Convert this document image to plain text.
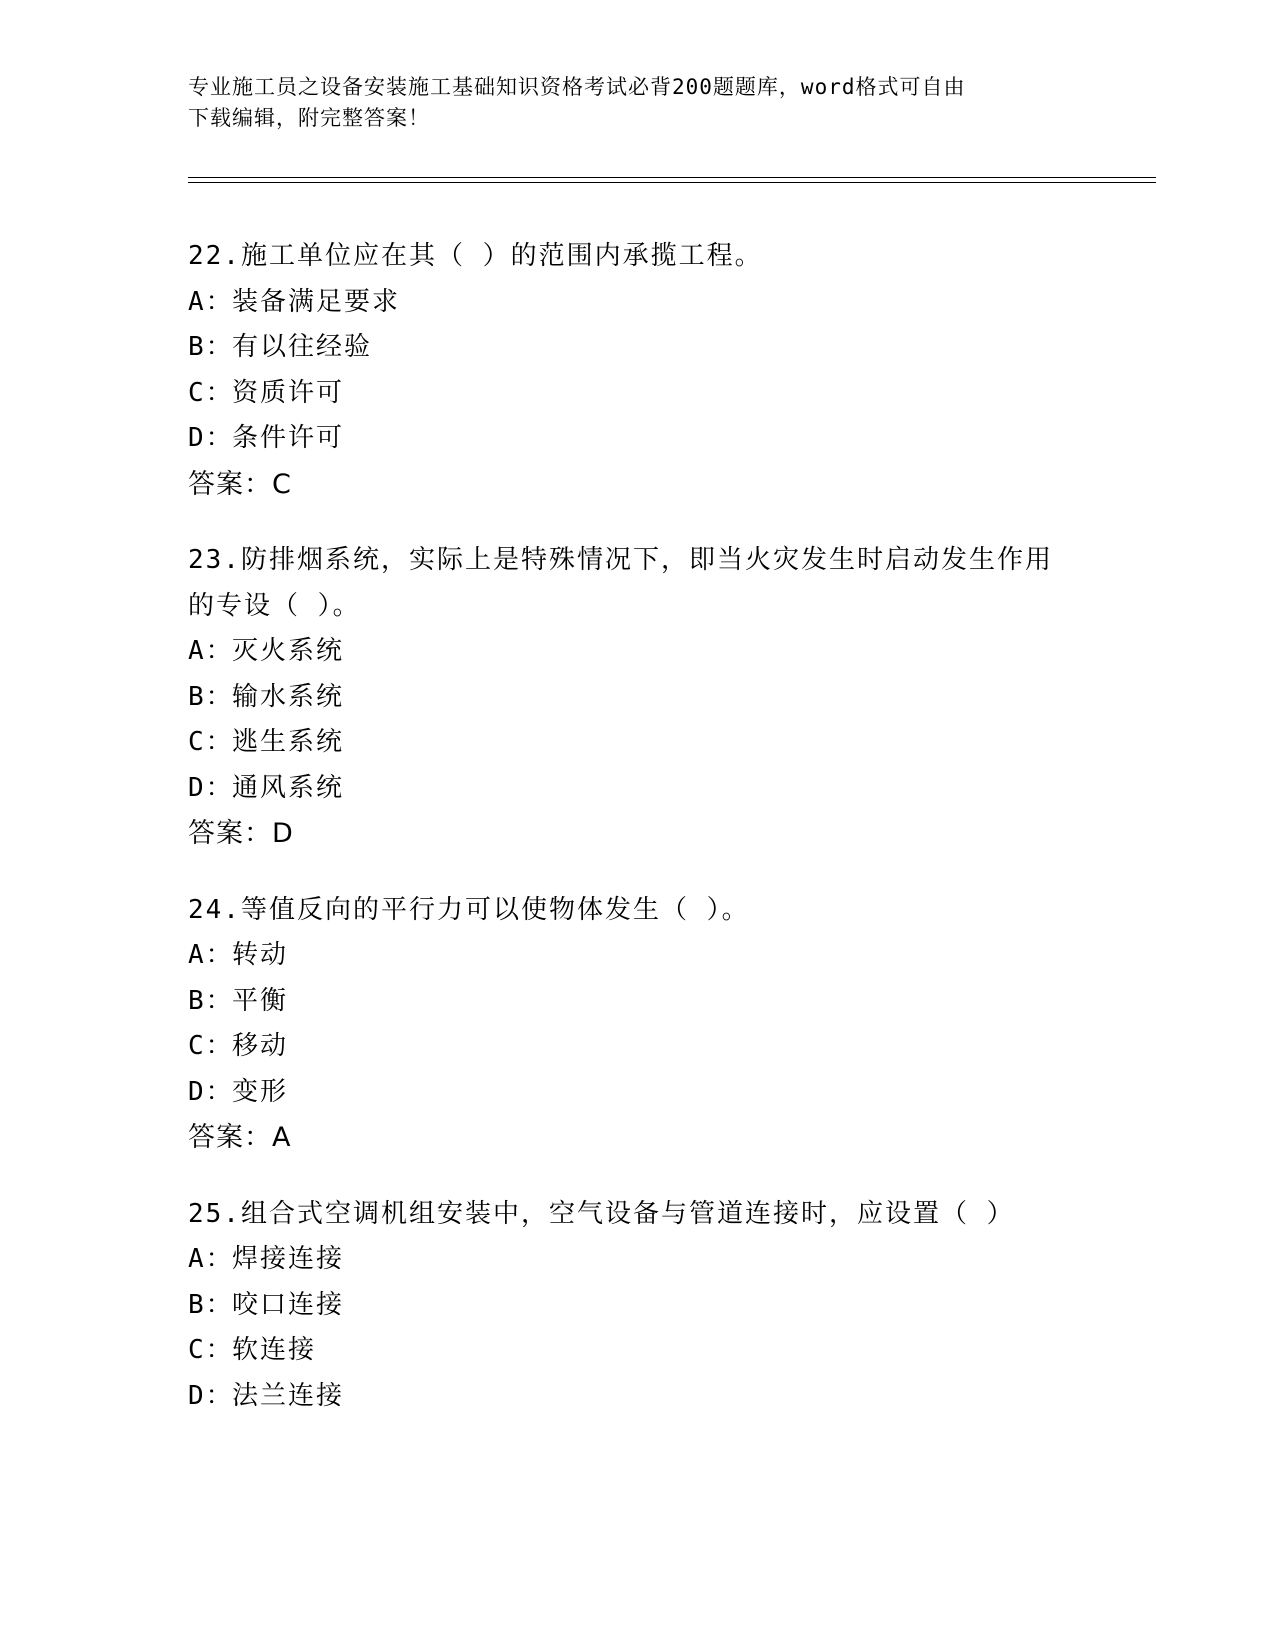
专业施工员之设备安装施工基础知识资格考试必背200题题库，word格式可自由
下载编辑，附完整答案！

22.施工单位应在其（ ）的范围内承揽工程。

A：
装备满足要求
B：
有以往经验
C：
资质许可
D：
条件许可

答案：C

23.防排烟系统，实际上是特殊情况下，即当火灾发生时启动发生作用

的专设（ ）。

A：
灭火系统
B：
输水系统
C：
逃生系统
D：
通风系统

答案：D

24.等值反向的平行力可以使物体发生（ ）。

A：
转动
B：
平衡
C：
移动
D：
变形

答案：A

25.组合式空调机组安装中，空气设备与管道连接时，应设置（ ）

A：
焊接连接
B：
咬口连接
C：
软连接
D：
法兰连接
